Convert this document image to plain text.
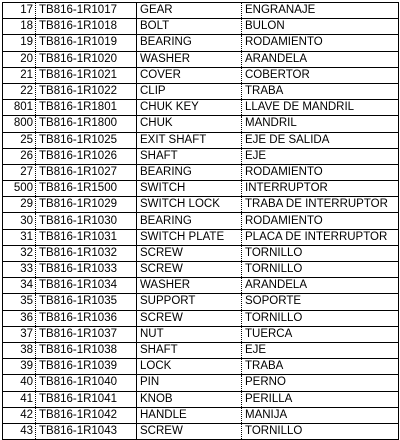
17	TB816-1R1017	GEAR	ENGRANAJE
18	TB816-1R1018	BOLT	BULON
19	TB816-1R1019	BEARING	RODAMIENTO
20	TB816-1R1020	WASHER	ARANDELA
21	TB816-1R1021	COVER	COBERTOR
22	TB816-1R1022	CLIP	TRABA
801	TB816-1R1801	CHUK KEY	LLAVE DE MANDRIL
800	TB816-1R1800	CHUK	MANDRIL
25	TB816-1R1025	EXIT SHAFT	EJE DE SALIDA
26	TB816-1R1026	SHAFT	EJE
27	TB816-1R1027	BEARING	RODAMIENTO
500	TB816-1R1500	SWITCH	INTERRUPTOR
29	TB816-1R1029	SWITCH LOCK	TRABA DE INTERRUPTOR
30	TB816-1R1030	BEARING	RODAMIENTO
31	TB816-1R1031	SWITCH PLATE	PLACA DE INTERRUPTOR
32	TB816-1R1032	SCREW	TORNILLO
33	TB816-1R1033	SCREW	TORNILLO
34	TB816-1R1034	WASHER	ARANDELA
35	TB816-1R1035	SUPPORT	SOPORTE
36	TB816-1R1036	SCREW	TORNILLO
37	TB816-1R1037	NUT	TUERCA
38	TB816-1R1038	SHAFT	EJE
39	TB816-1R1039	LOCK	TRABA
40	TB816-1R1040	PIN	PERNO
41	TB816-1R1041	KNOB	PERILLA
42	TB816-1R1042	HANDLE	MANIJA
43	TB816-1R1043	SCREW	TORNILLO
